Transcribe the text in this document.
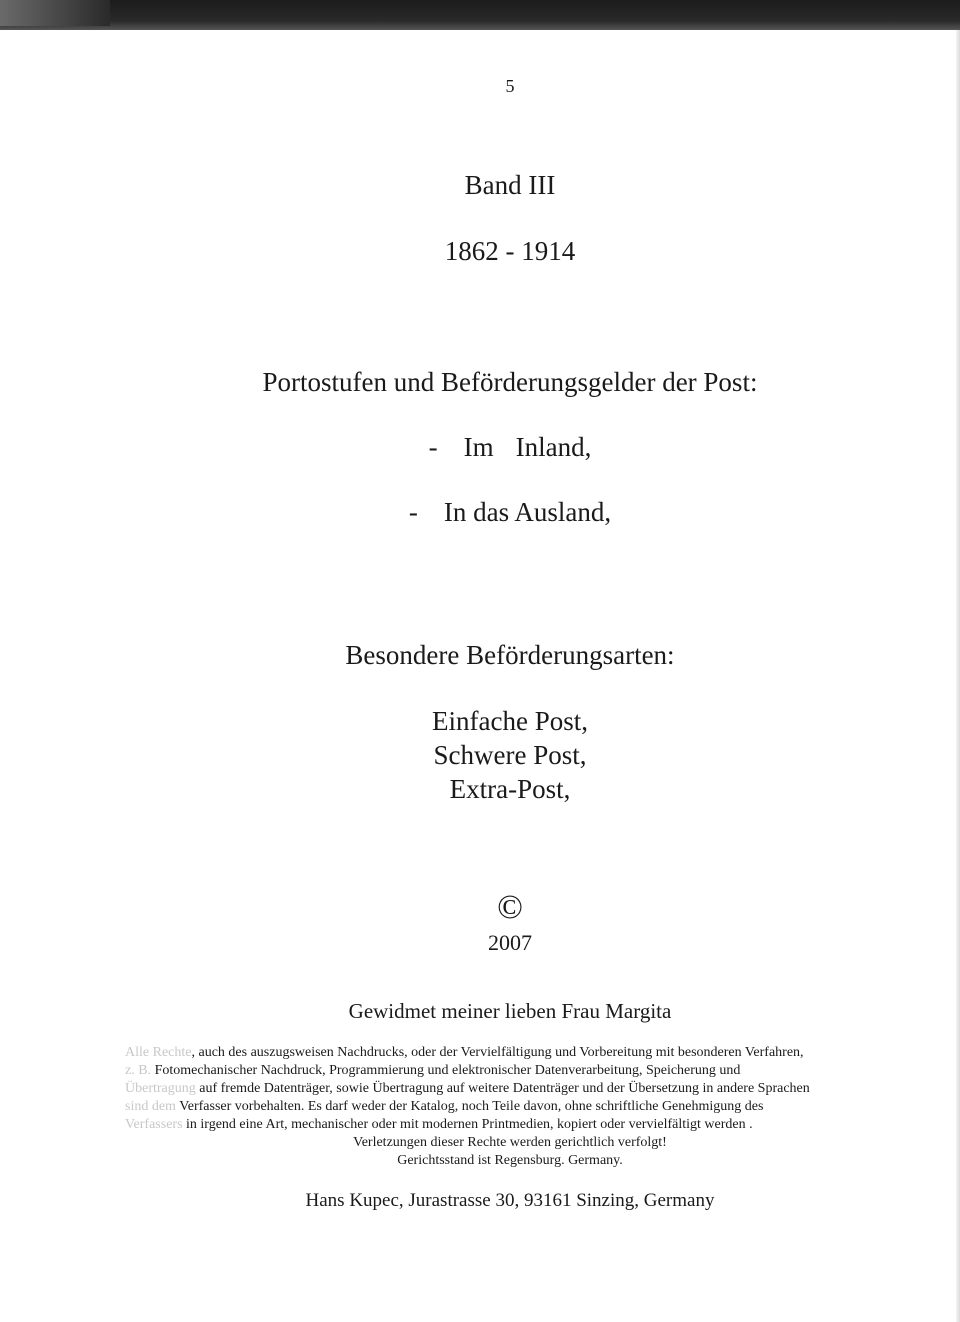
5
Band III
1862 - 1914
Portostufen und Beförderungsgelder der Post:
- Im Inland,
- In das Ausland,
Besondere Beförderungsarten:
Einfache Post,
Schwere Post,
Extra-Post,
©
2007
Gewidmet meiner lieben Frau Margita
Alle Rechte, auch des auszugsweisen Nachdrucks, oder der Vervielfältigung und Vorbereitung mit besonderen Verfahren,
z. B. Fotomechanischer Nachdruck, Programmierung und elektronischer Datenverarbeitung, Speicherung und
Übertragung auf fremde Datenträger, sowie Übertragung auf weitere Datenträger und der Übersetzung in andere Sprachen
sind dem Verfasser vorbehalten. Es darf weder der Katalog, noch Teile davon, ohne schriftliche Genehmigung des
Verfassers in irgend eine Art, mechanischer oder mit modernen Printmedien, kopiert oder vervielfältigt werden .
Verletzungen dieser Rechte werden gerichtlich verfolgt!
Gerichtsstand ist Regensburg. Germany.
Hans Kupec, Jurastrasse 30, 93161 Sinzing, Germany
